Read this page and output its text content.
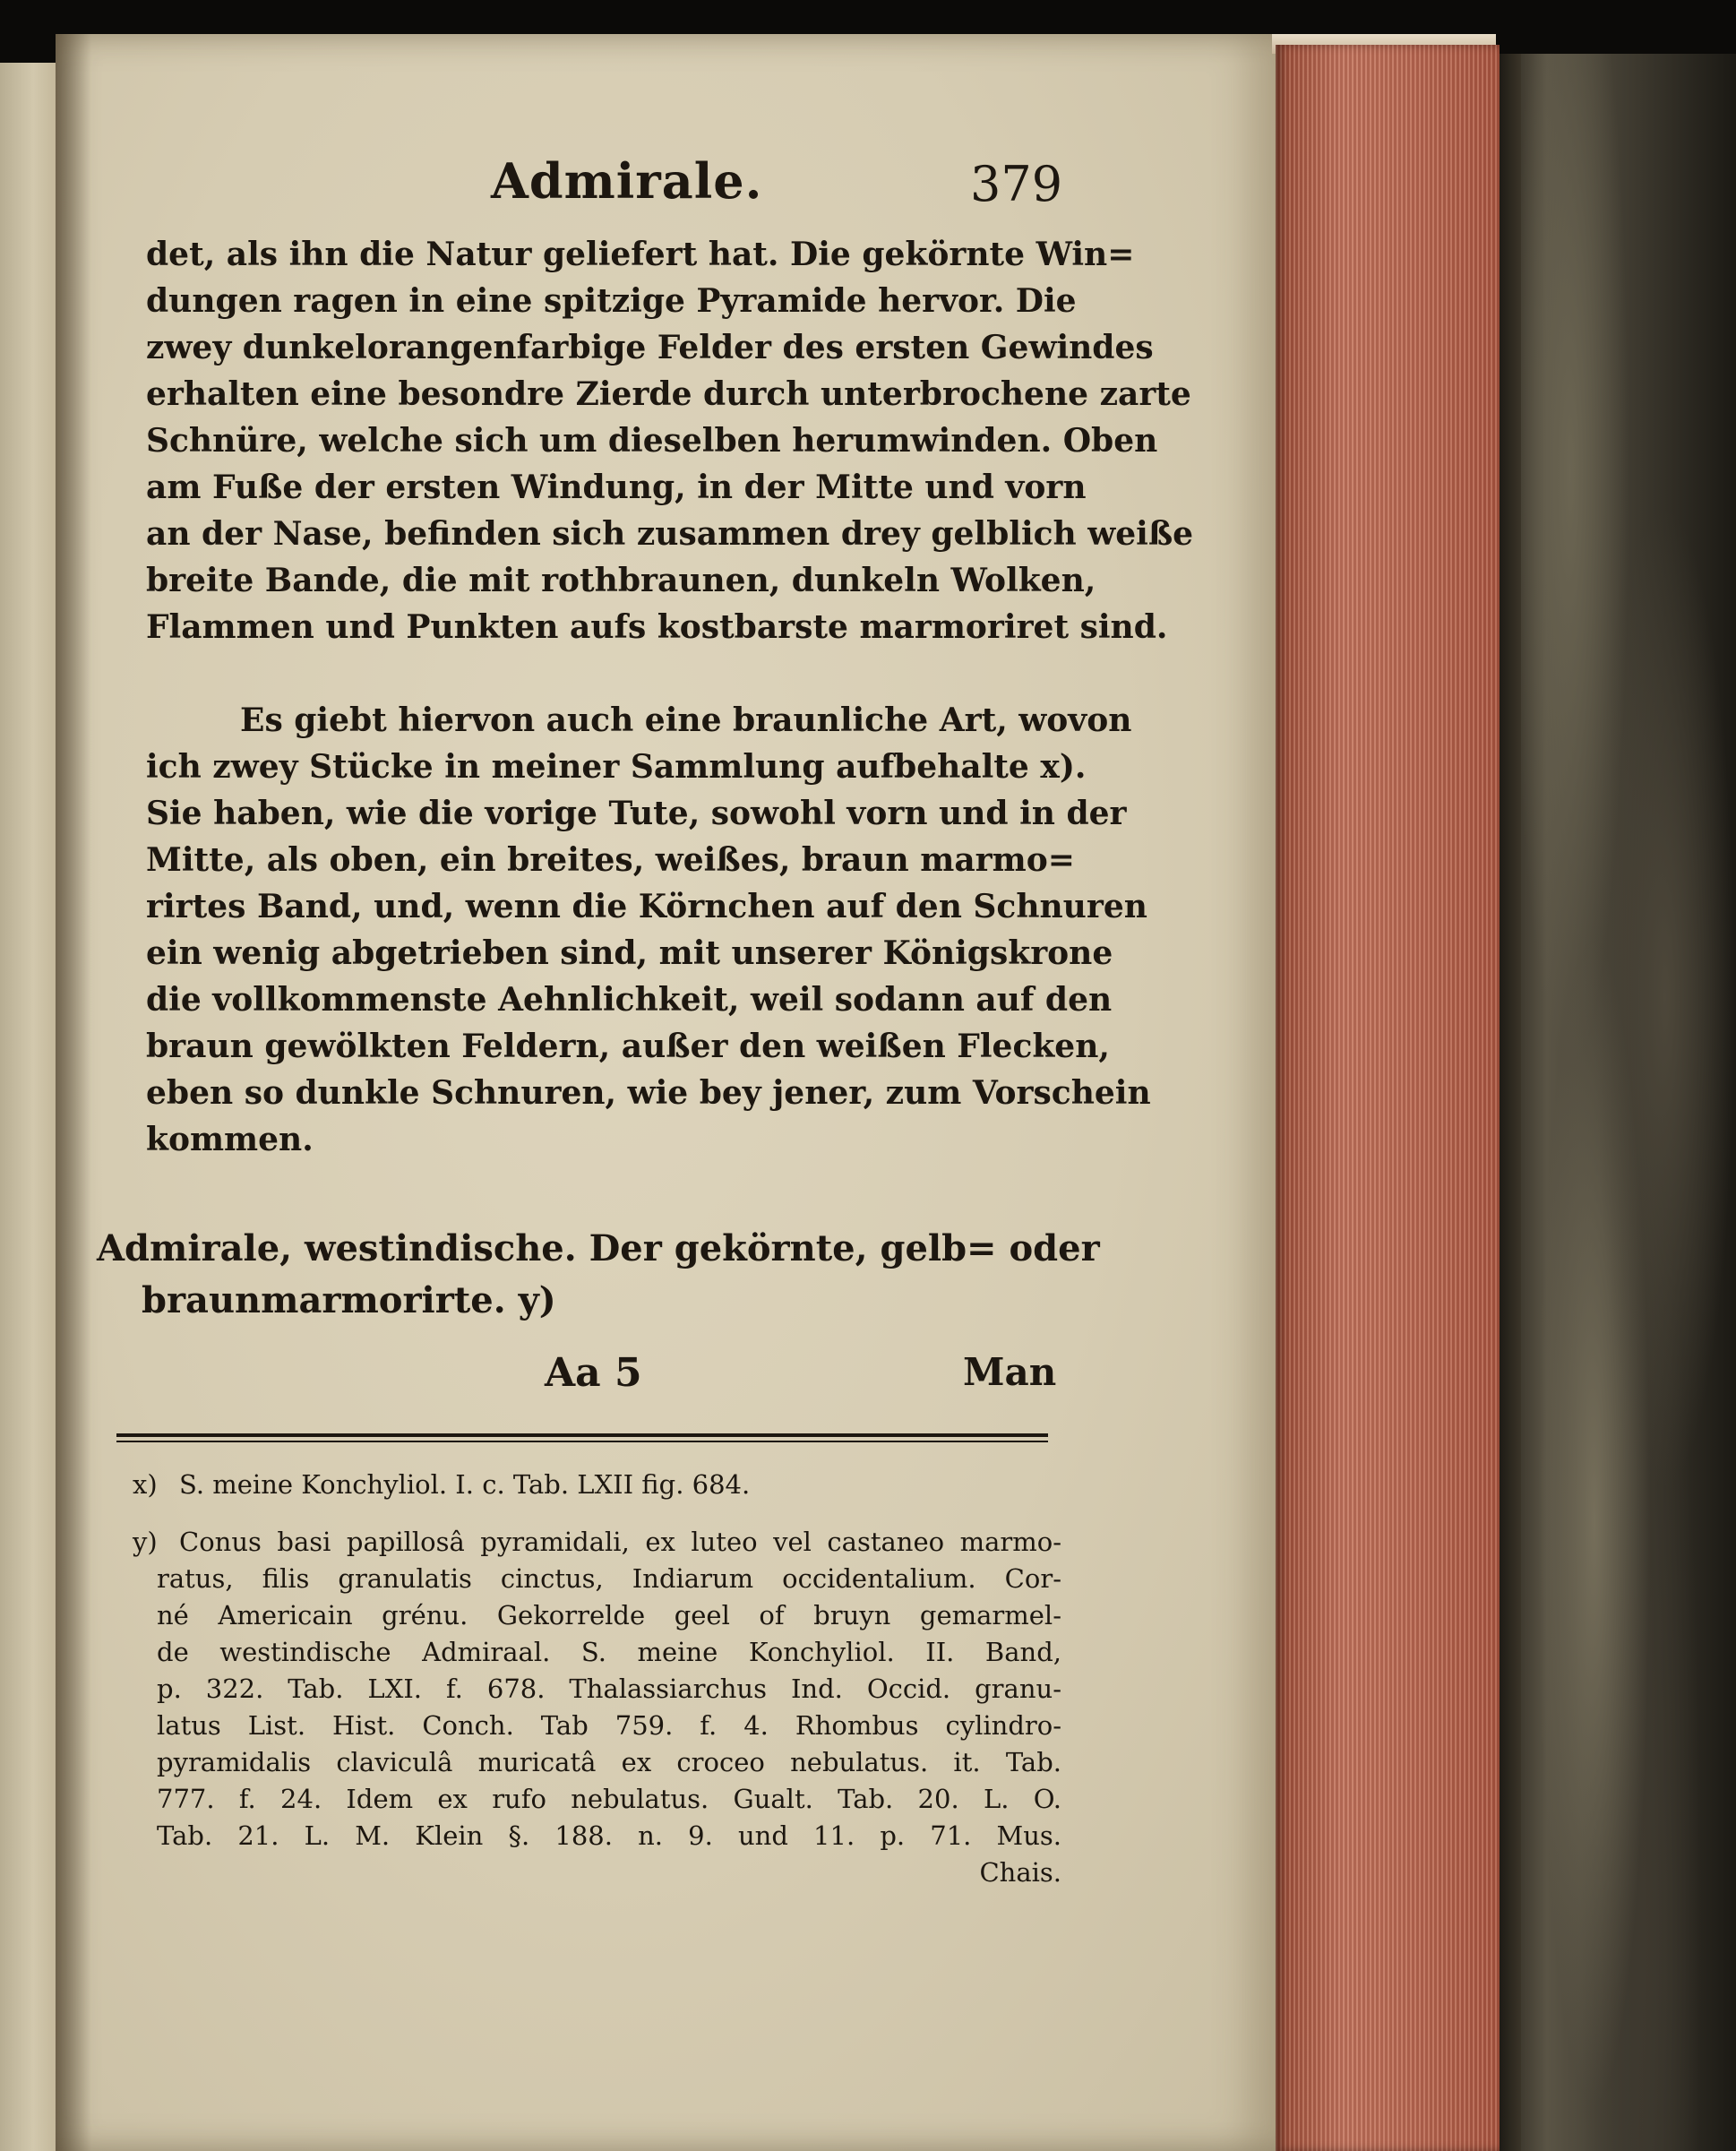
Admirale.	379
det, als ihn die Natur geliefert hat. Die gekörnte Win=
dungen ragen in eine spitzige Pyramide hervor. Die
zwey dunkelorangenfarbige Felder des ersten Gewindes
erhalten eine besondre Zierde durch unterbrochene zarte
Schnüre, welche sich um dieselben herumwinden. Oben
am Fuße der ersten Windung, in der Mitte und vorn
an der Nase, befinden sich zusammen drey gelblich weiße
breite Bande, die mit rothbraunen, dunkeln Wolken,
Flammen und Punkten aufs kostbarste marmoriret sind.
Es giebt hiervon auch eine braunliche Art, wovon
ich zwey Stücke in meiner Sammlung aufbehalte x).
Sie haben, wie die vorige Tute, sowohl vorn und in der
Mitte, als oben, ein breites, weißes, braun marmo=
rirtes Band, und, wenn die Körnchen auf den Schnuren
ein wenig abgetrieben sind, mit unserer Königskrone
die vollkommenste Aehnlichkeit, weil sodann auf den
braun gewölkten Feldern, außer den weißen Flecken,
eben so dunkle Schnuren, wie bey jener, zum Vorschein
kommen.
Admirale, westindische. Der gekörnte, gelb= oder
braunmarmorirte. y)
Aa 5	Man
x) S. meine Konchyliol. I. c. Tab. LXII fig. 684.
y) Conus basi papillosâ pyramidali, ex luteo vel castaneo marmo-
ratus, filis granulatis cinctus, Indiarum occidentalium. Cor-
né Americain grénu. Gekorrelde geel of bruyn gemarmel-
de westindische Admiraal. S. meine Konchyliol. II. Band,
p. 322. Tab. LXI. f. 678. Thalassiarchus Ind. Occid. granu-
latus List. Hist. Conch. Tab 759. f. 4. Rhombus cylindro-
pyramidalis claviculâ muricatâ ex croceo nebulatus. it. Tab.
777. f. 24. Idem ex rufo nebulatus. Gualt. Tab. 20. L. O.
Tab. 21. L. M. Klein §. 188. n. 9. und 11. p. 71. Mus.
Chais.
